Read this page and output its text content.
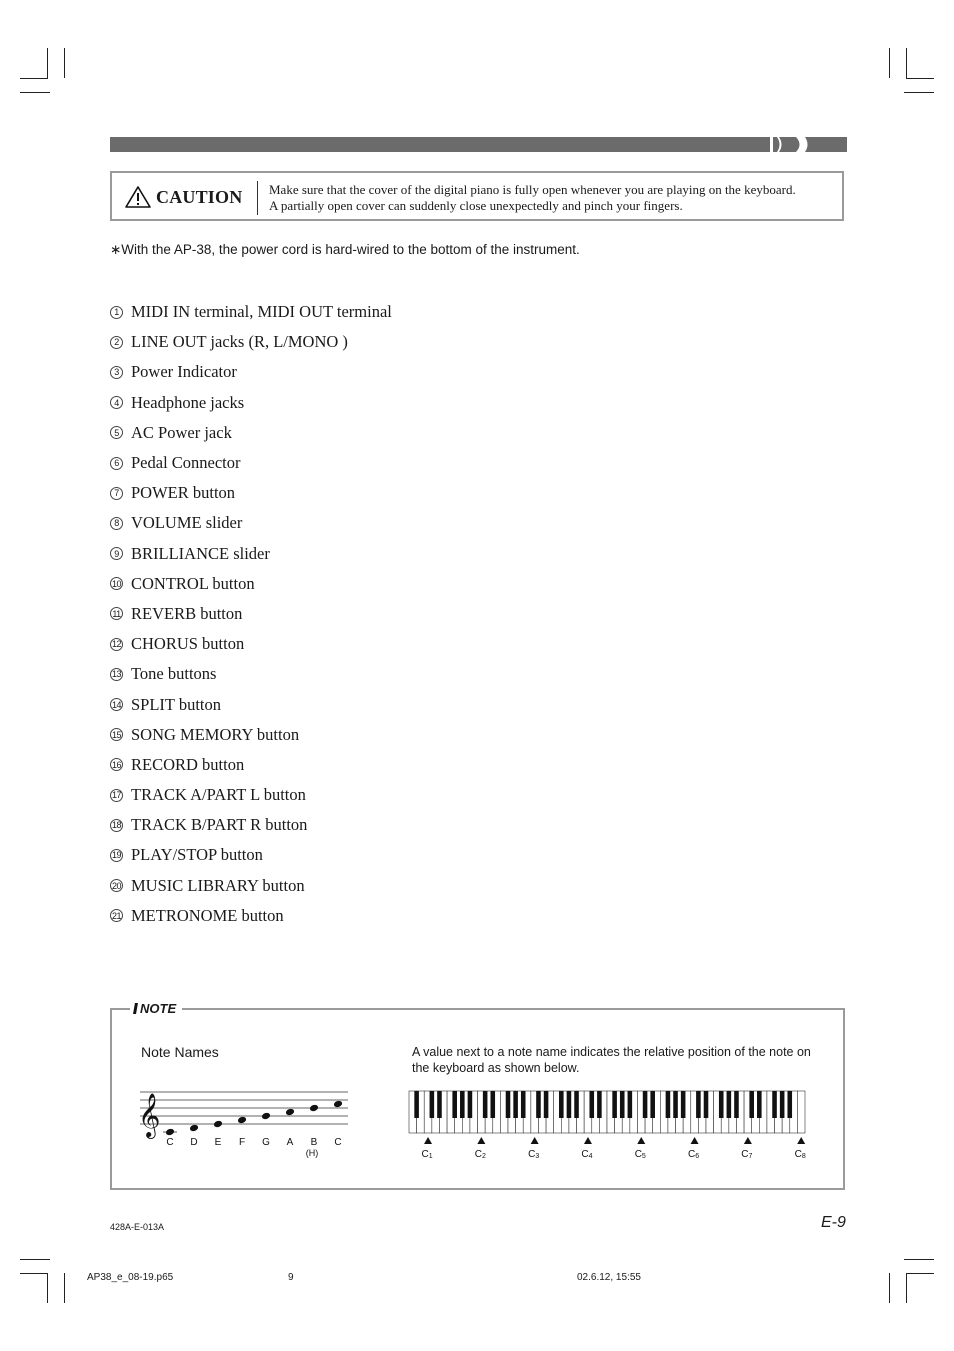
CAUTION Make sure that the cover of the digital piano is fully open whenever you are playing on the keyboard.
A partially open cover can suddenly close unexpectedly and pinch your fingers.
∗With the AP-38, the power cord is hard-wired to the bottom of the instrument.
1 MIDI IN terminal, MIDI OUT terminal
2 LINE OUT jacks (R, L/MONO )
3 Power Indicator
4 Headphone jacks
5 AC Power jack
6 Pedal Connector
7 POWER button
8 VOLUME slider
9 BRILLIANCE slider
10 CONTROL button
11 REVERB button
12 CHORUS button
13 Tone buttons
14 SPLIT button
15 SONG MEMORY button
16 RECORD button
17 TRACK A/PART L button
18 TRACK B/PART R button
19 PLAY/STOP button
20 MUSIC LIBRARY button
21 METRONOME button
NOTE
Note Names	A value next to a note name indicates the relative position of the note on the keyboard as shown below.
𝄞
C D E F G A B C
(H)	C1	C2	C3	C4	C5	C6	C7	C8
E-9
428A-E-013A
AP38_e_08-19.p65	9	02.6.12, 15:55
